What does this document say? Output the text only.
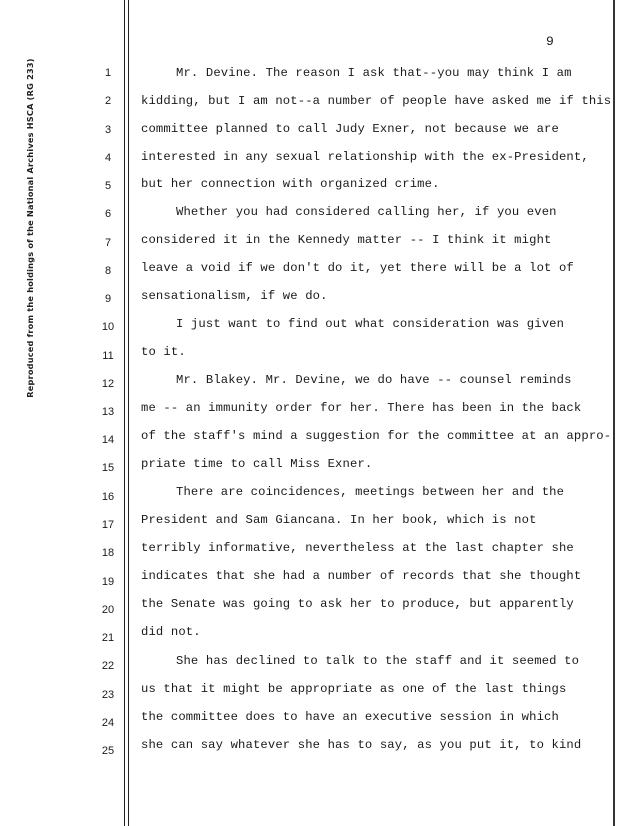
Reproduced from the holdings of the National Archives HSCA (RG 233)
9
1
2
3
4
5
6
7
8
9
10
11
12
13
14
15
16
17
18
19
20
21
22
23
24
25
Mr. Devine. The reason I ask that--you may think I am
kidding, but I am not--a number of people have asked me if this
committee planned to call Judy Exner, not because we are
interested in any sexual relationship with the ex-President,
but her connection with organized crime.
Whether you had considered calling her, if you even
considered it in the Kennedy matter -- I think it might
leave a void if we don't do it, yet there will be a lot of
sensationalism, if we do.
I just want to find out what consideration was given
to it.
Mr. Blakey. Mr. Devine, we do have -- counsel reminds
me -- an immunity order for her. There has been in the back
of the staff's mind a suggestion for the committee at an appro-
priate time to call Miss Exner.
There are coincidences, meetings between her and the
President and Sam Giancana. In her book, which is not
terribly informative, nevertheless at the last chapter she
indicates that she had a number of records that she thought
the Senate was going to ask her to produce, but apparently
did not.
She has declined to talk to the staff and it seemed to
us that it might be appropriate as one of the last things
the committee does to have an executive session in which
she can say whatever she has to say, as you put it, to kind
